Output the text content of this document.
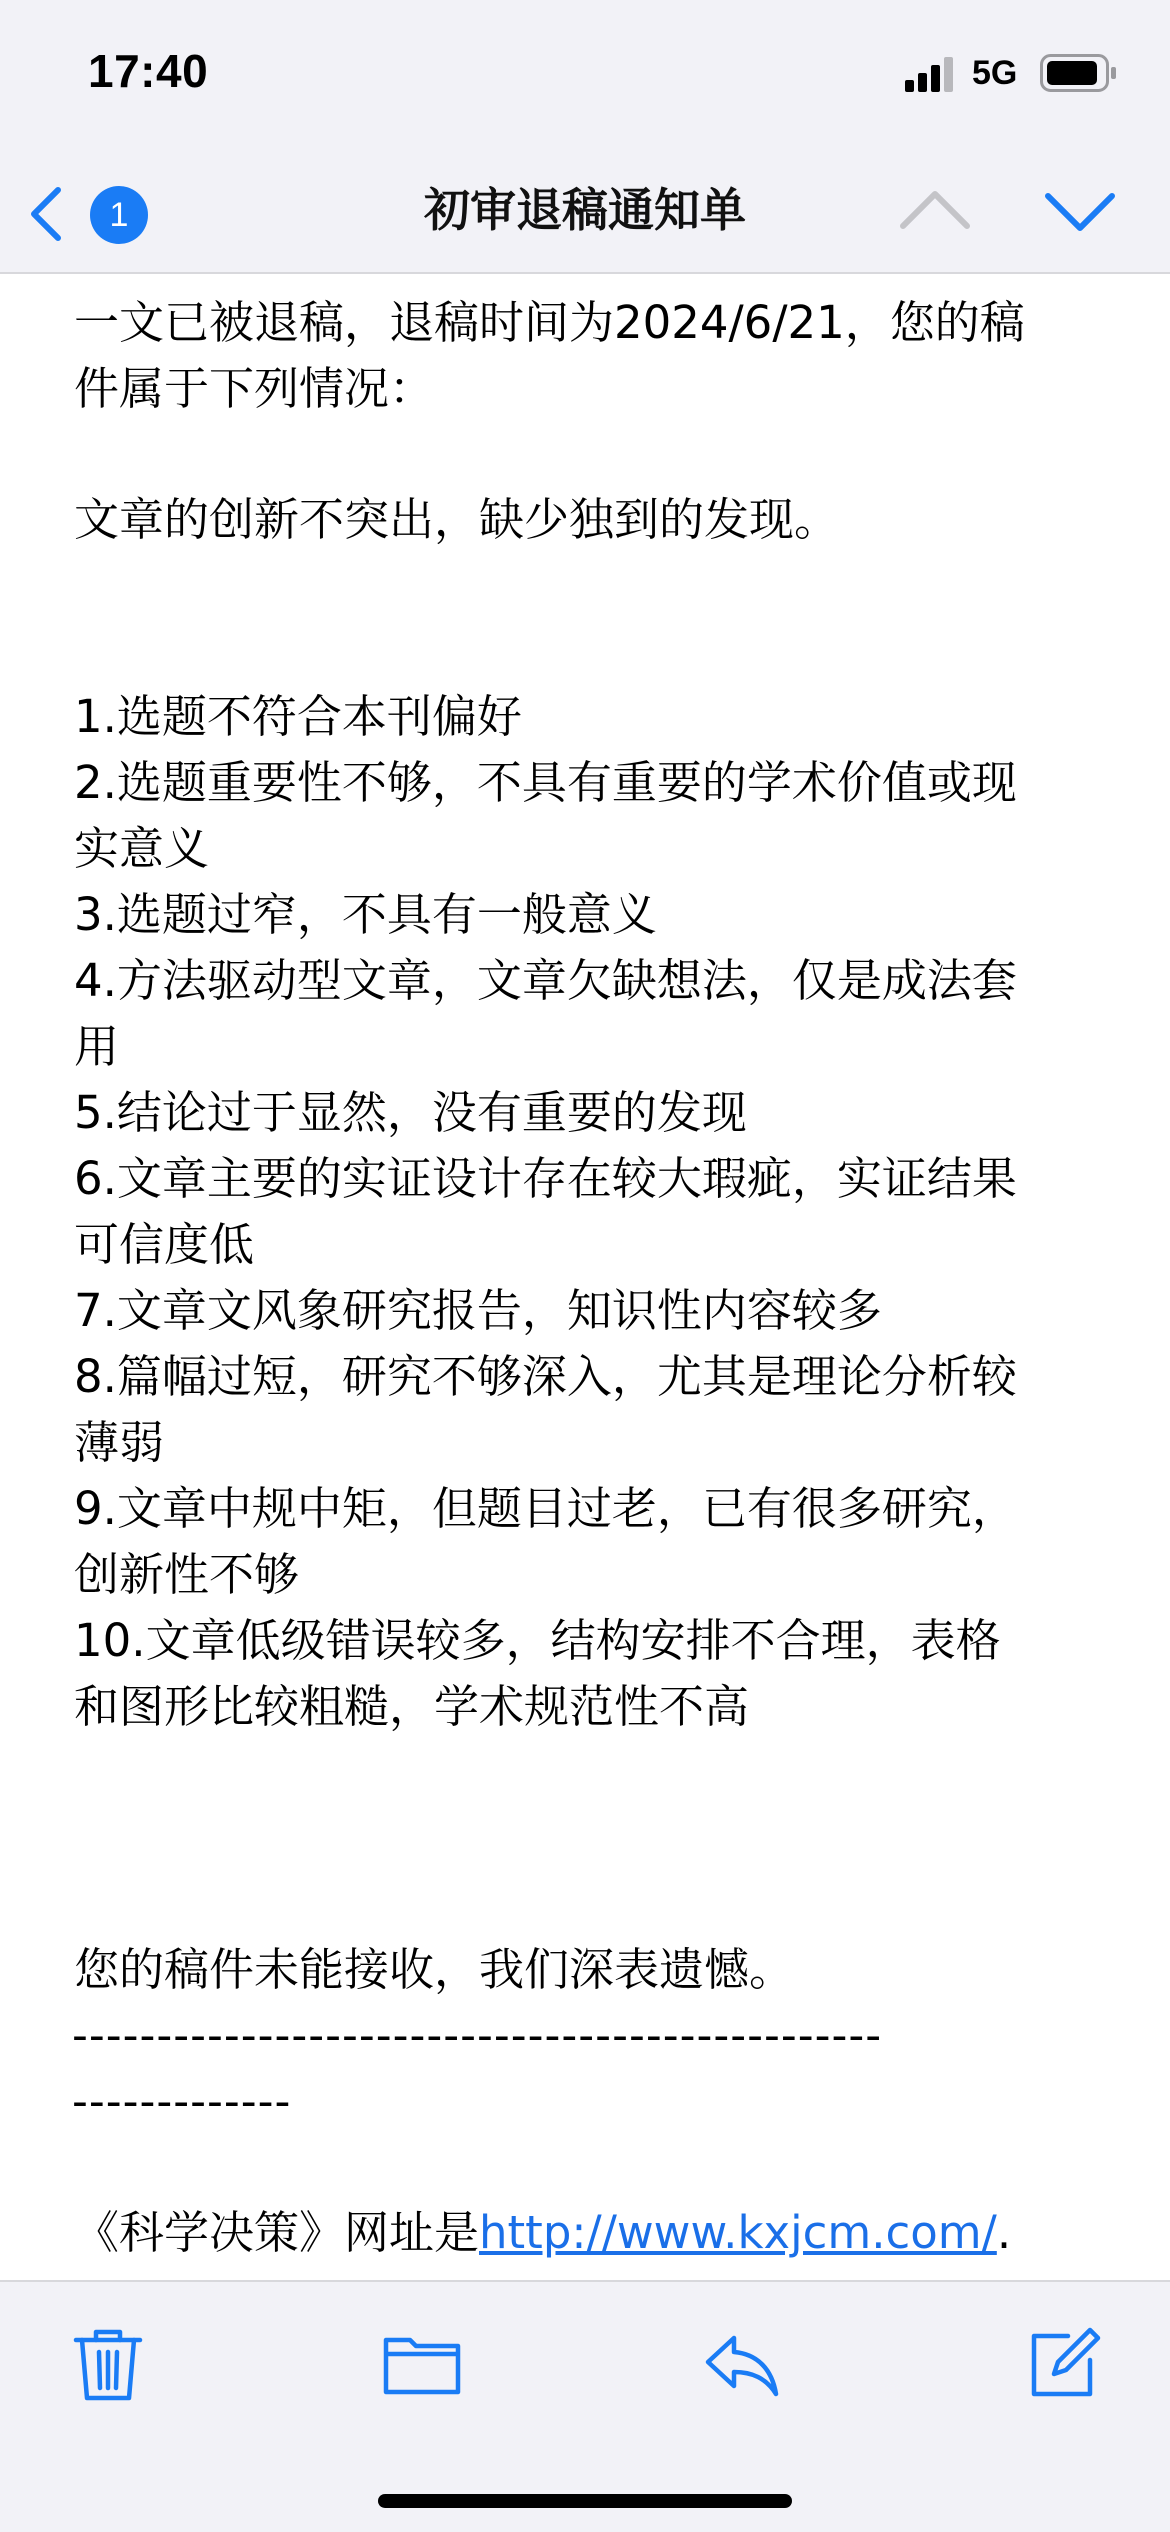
17:40	5G
1	初审退稿通知单
一文已被退稿，退稿时间为2024/6/21，您的稿
件属于下列情况：
文章的创新不突出，缺少独到的发现。
1.选题不符合本刊偏好
2.选题重要性不够，不具有重要的学术价值或现
实意义
3.选题过窄，不具有一般意义
4.方法驱动型文章，文章欠缺想法，仅是成法套
用
5.结论过于显然，没有重要的发现
6.文章主要的实证设计存在较大瑕疵，实证结果
可信度低
7.文章文风象研究报告，知识性内容较多
8.篇幅过短，研究不够深入，尤其是理论分析较
薄弱
9.文章中规中矩，但题目过老，已有很多研究，
创新性不够
10.文章低级错误较多，结构安排不合理，表格
和图形比较粗糙，学术规范性不高
您的稿件未能接收，我们深表遗憾。
------------------------------------------------
-------------
《科学决策》网址是http://www.kxjcm.com/.
